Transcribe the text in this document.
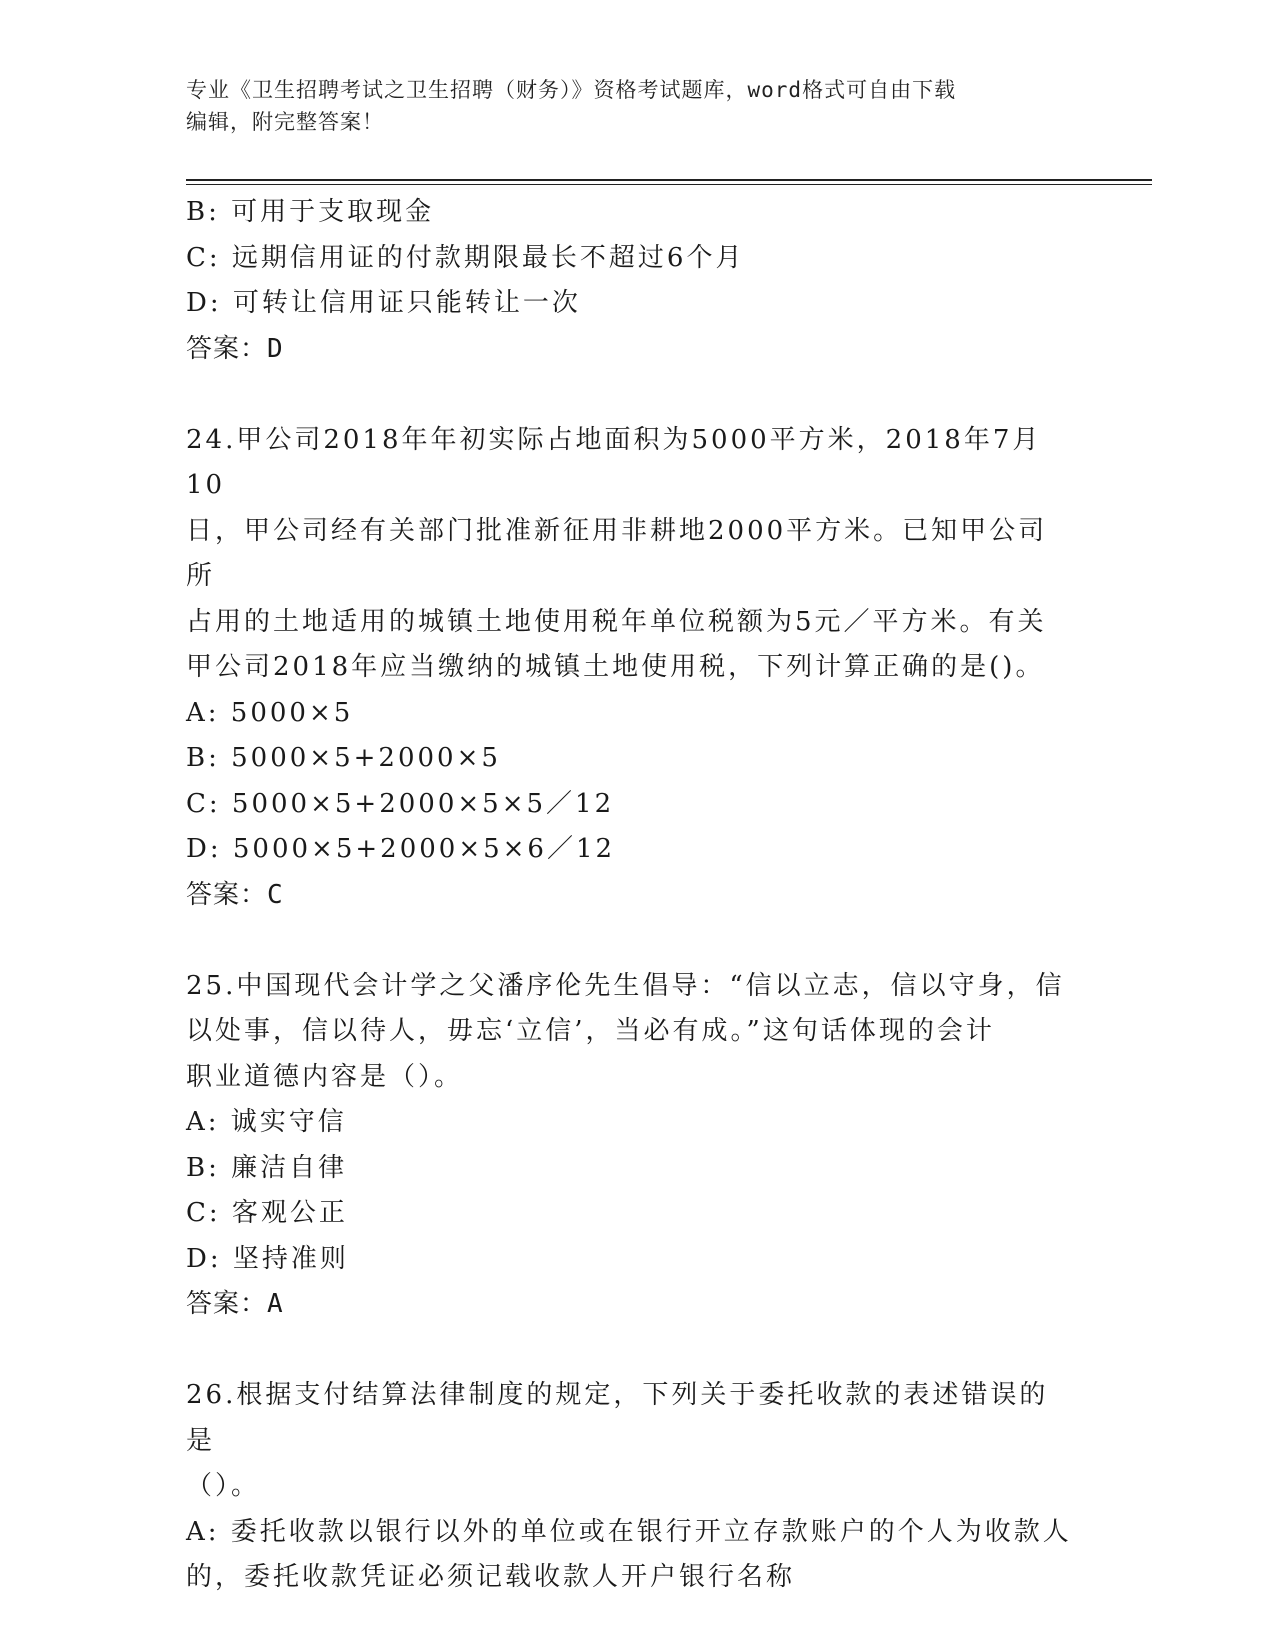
专业《卫生招聘考试之卫生招聘（财务）》资格考试题库，word格式可自由下载
编辑，附完整答案！

B: 可用于支取现金

C: 远期信用证的付款期限最长不超过6个月

D: 可转让信用证只能转让一次

答案：D

24.甲公司2018年年初实际占地面积为5000平方米，2018年7月10

日，甲公司经有关部门批准新征用非耕地2000平方米。已知甲公司所

占用的土地适用的城镇土地使用税年单位税额为5元／平方米。有关

甲公司2018年应当缴纳的城镇土地使用税，下列计算正确的是()。

A: 5000×5

B: 5000×5+2000×5

C: 5000×5+2000×5×5／12

D: 5000×5+2000×5×6／12

答案：C

25.中国现代会计学之父潘序伦先生倡导：“信以立志，信以守身，信

以处事，信以待人，毋忘‘立信’，当必有成。”这句话体现的会计

职业道德内容是（）。

A: 诚实守信

B: 廉洁自律

C: 客观公正

D: 坚持准则

答案：A

26.根据支付结算法律制度的规定，下列关于委托收款的表述错误的是

（）。

A: 委托收款以银行以外的单位或在银行开立存款账户的个人为收款人

的，委托收款凭证必须记载收款人开户银行名称
